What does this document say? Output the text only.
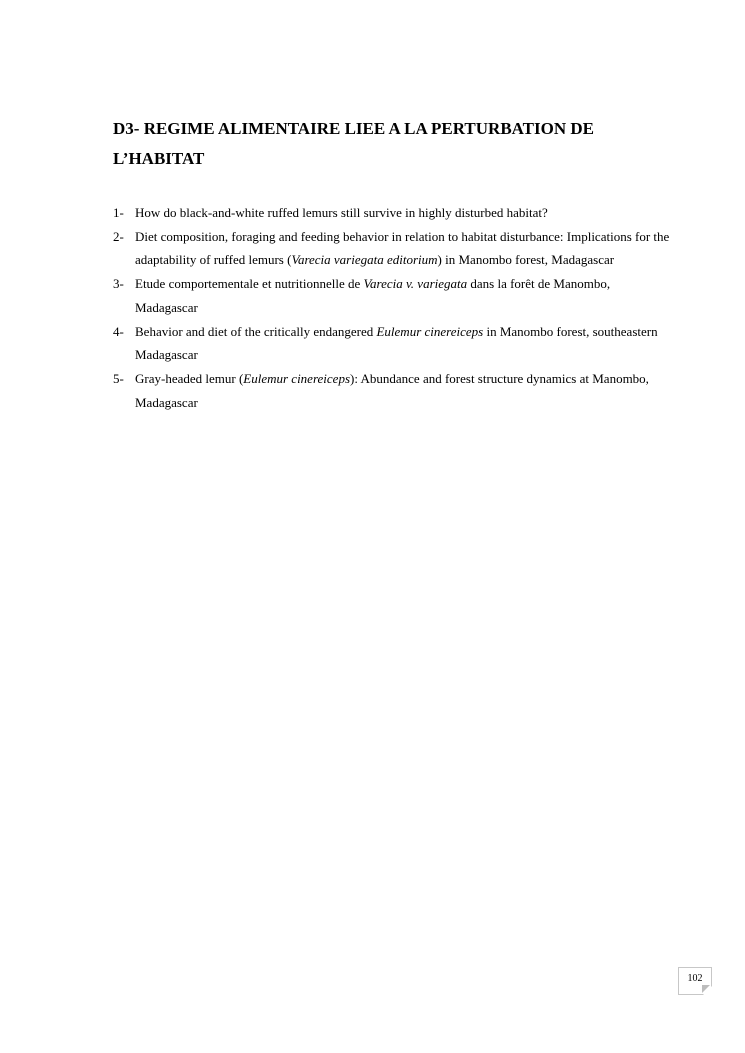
D3- REGIME ALIMENTAIRE LIEE A LA PERTURBATION DE
L’HABITAT
1- How do black-and-white ruffed lemurs still survive in highly disturbed habitat?
2- Diet composition, foraging and feeding behavior in relation to habitat disturbance: Implications for the adaptability of ruffed lemurs (Varecia variegata editorium) in Manombo forest, Madagascar
3- Etude comportementale et nutritionnelle de Varecia v. variegata dans la forêt de Manombo, Madagascar
4- Behavior and diet of the critically endangered Eulemur cinereiceps in Manombo forest, southeastern Madagascar
5- Gray-headed lemur (Eulemur cinereiceps): Abundance and forest structure dynamics at Manombo, Madagascar
102
